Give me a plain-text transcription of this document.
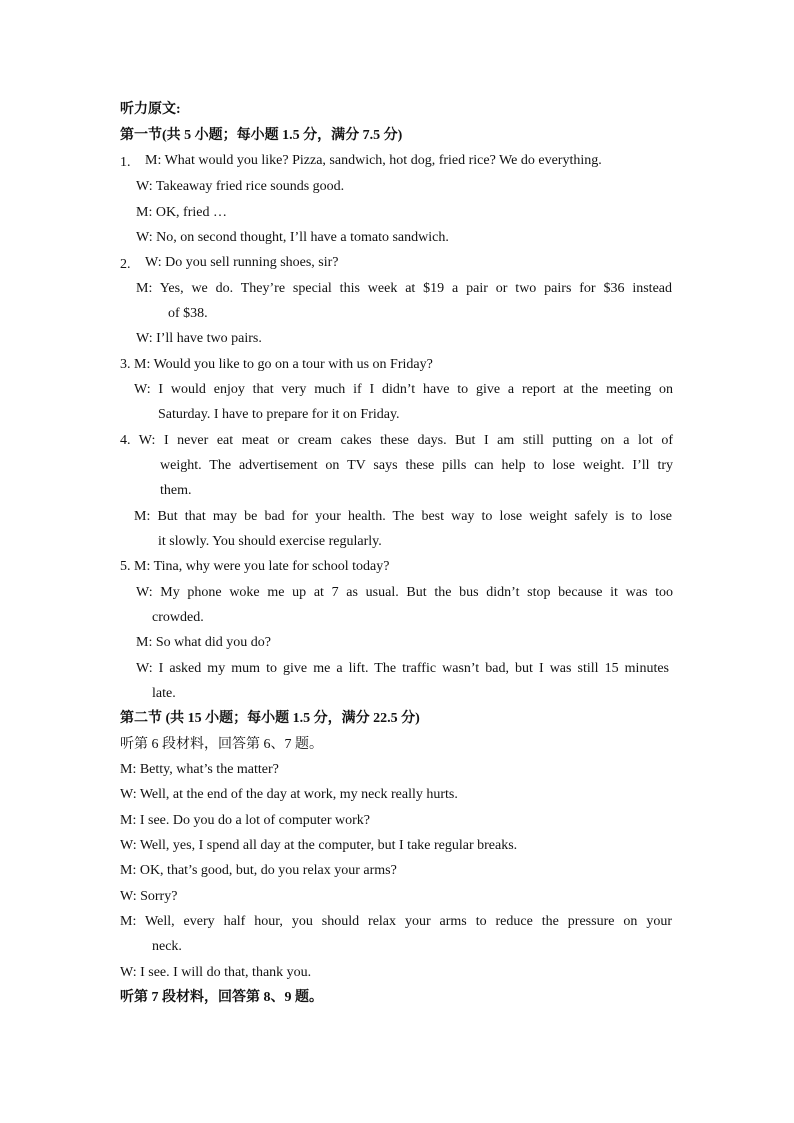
听力原文:
第一节(共 5 小题；每小题 1.5 分，满分 7.5 分)
1. M: What would you like? Pizza, sandwich, hot dog, fried rice? We do everything.
W: Takeaway fried rice sounds good.
M: OK, fried …
W: No, on second thought, I’ll have a tomato sandwich.
2. W: Do you sell running shoes, sir?
M: Yes, we do. They’re special this week at $19 a pair or two pairs for $36 instead
of $38.
W: I’ll have two pairs.
3. M: Would you like to go on a tour with us on Friday?
W: I would enjoy that very much if I didn’t have to give a report at the meeting on
Saturday. I have to prepare for it on Friday.
4. W: I never eat meat or cream cakes these days. But I am still putting on a lot of
weight. The advertisement on TV says these pills can help to lose weight. I’ll try
them.
M: But that may be bad for your health. The best way to lose weight safely is to lose
it slowly. You should exercise regularly.
5. M: Tina, why were you late for school today?
W: My phone woke me up at 7 as usual. But the bus didn’t stop because it was too
crowded.
M: So what did you do?
W: I asked my mum to give me a lift. The traffic wasn’t bad, but I was still 15 minutes
late.
第二节 (共 15 小题；每小题 1.5 分，满分 22.5 分)
听第 6 段材料，回答第 6、7 题。
M: Betty, what’s the matter?
W: Well, at the end of the day at work, my neck really hurts.
M: I see. Do you do a lot of computer work?
W: Well, yes, I spend all day at the computer, but I take regular breaks.
M: OK, that’s good, but, do you relax your arms?
W: Sorry?
M: Well, every half hour, you should relax your arms to reduce the pressure on your
neck.
W: I see. I will do that, thank you.
听第 7 段材料，回答第 8、9 题。
